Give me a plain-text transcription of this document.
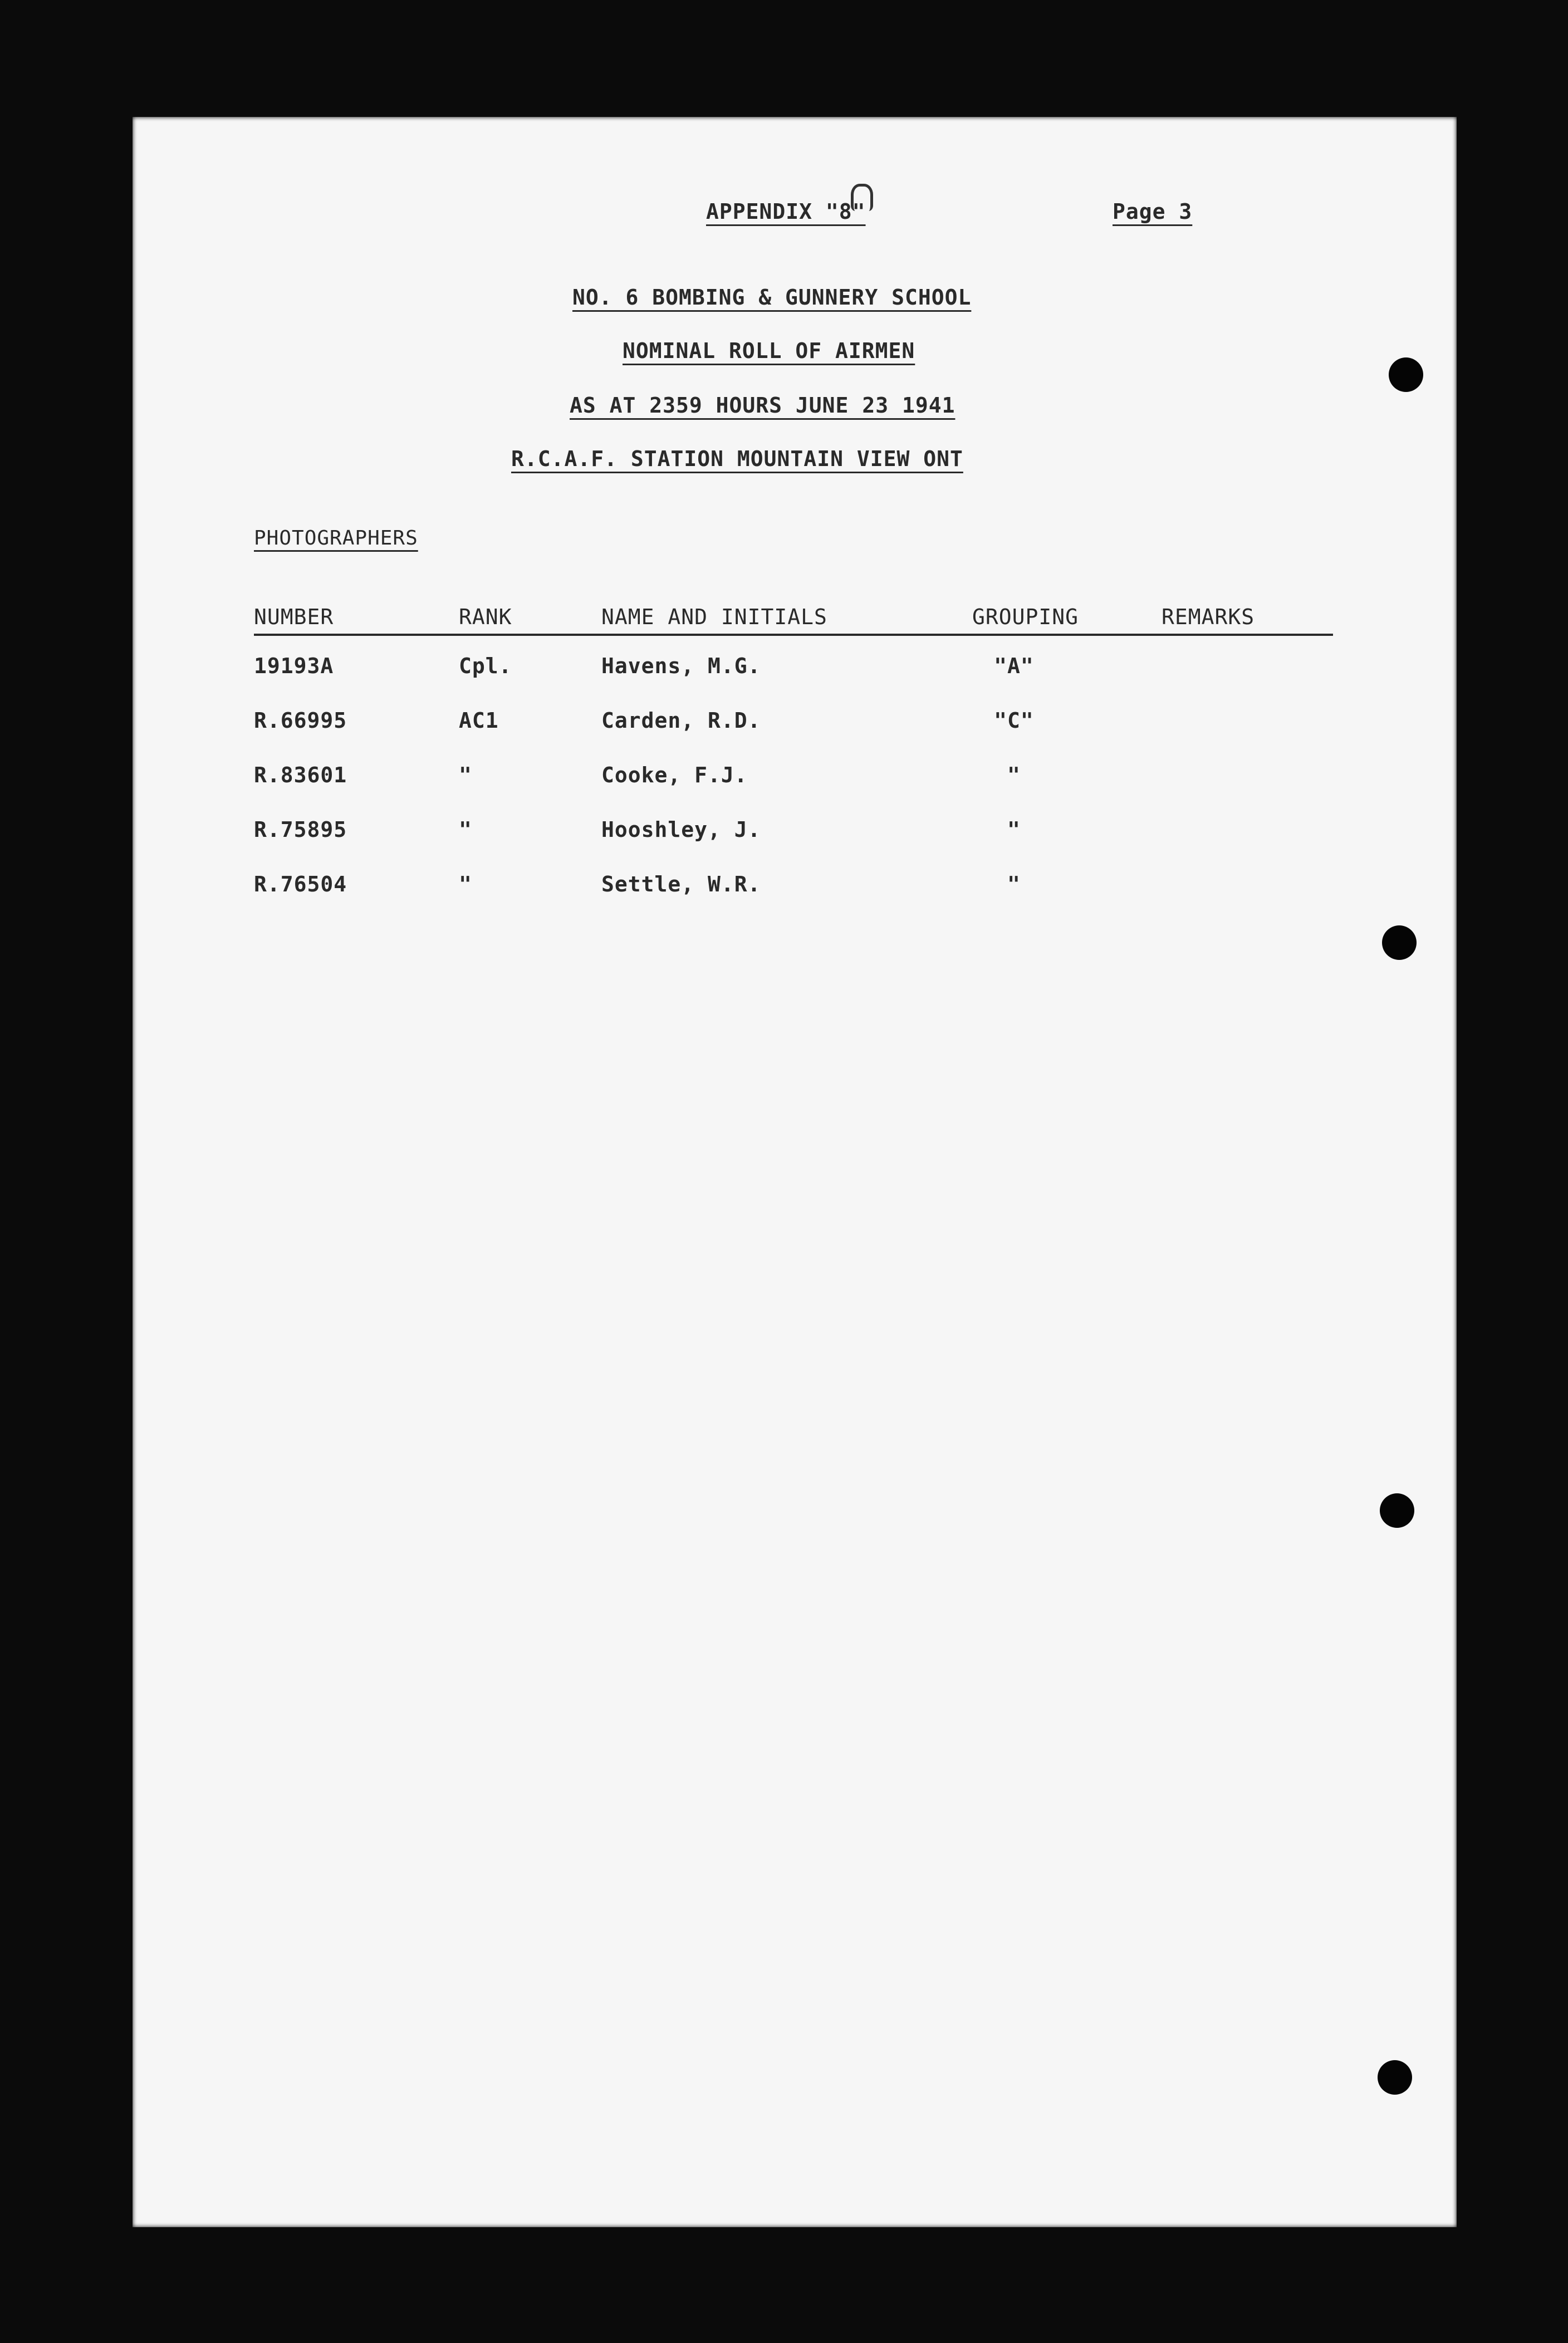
APPENDIX "8"	Page 3
NO. 6 BOMBING & GUNNERY SCHOOL
NOMINAL ROLL OF AIRMEN
AS AT 2359 HOURS JUNE 23 1941
R.C.A.F. STATION MOUNTAIN VIEW ONT
PHOTOGRAPHERS
NUMBER	RANK	NAME AND INITIALS	GROUPING	REMARKS
19193A	Cpl.	Havens, M.G.	"A"
R.66995	AC1	Carden, R.D.	"C"
R.83601	"	Cooke, F.J.	"
R.75895	"	Hooshley, J.	"
R.76504	"	Settle, W.R.	"
